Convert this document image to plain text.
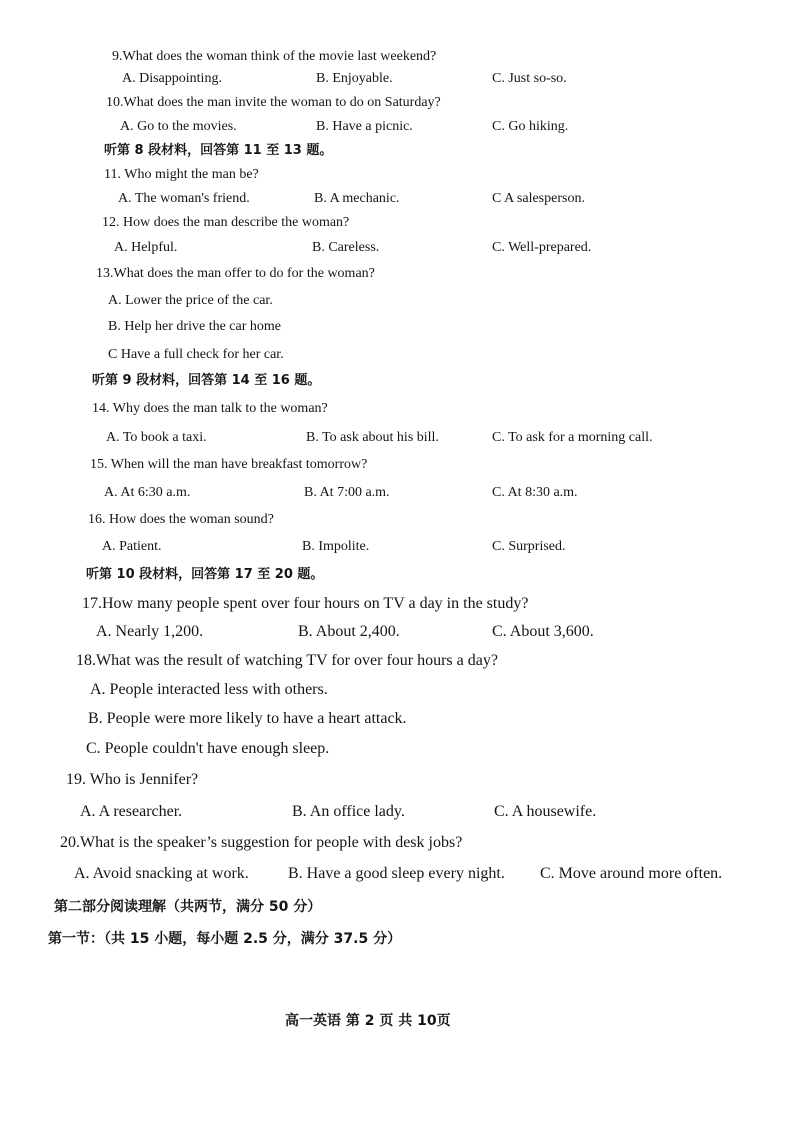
9.What does the woman think of the movie last weekend?
A. Disappointing.	B. Enjoyable.	C. Just so-so.
10.What does the man invite the woman to do on Saturday?
A. Go to the movies.	B. Have a picnic.	C. Go hiking.
听第 8 段材料，回答第 11 至 13 题。
11. Who might the man be?
A. The woman's friend.	B. A mechanic.	C A salesperson.
12. How does the man describe the woman?
A. Helpful.	B. Careless.	C. Well-prepared.
13.What does the man offer to do for the woman?
A. Lower the price of the car.
B. Help her drive the car home
C Have a full check for her car.
听第 9 段材料，回答第 14 至 16 题。
14. Why does the man talk to the woman?
A. To book a taxi.	B. To ask about his bill.	C. To ask for a morning call.
15. When will the man have breakfast tomorrow?
A. At 6:30 a.m.	B. At 7:00 a.m.	C. At 8:30 a.m.
16. How does the woman sound?
A. Patient.	B. Impolite.	C. Surprised.
听第 10 段材料，回答第 17 至 20 题。
17.How many people spent over four hours on TV a day in the study?
A. Nearly 1,200.	B. About 2,400.	C. About 3,600.
18.What was the result of watching TV for over four hours a day?
A. People interacted less with others.
B. People were more likely to have a heart attack.
C. People couldn't have enough sleep.
19. Who is Jennifer?
A. A researcher.	B. An office lady.	C. A housewife.
20.What is the speaker’s suggestion for people with desk jobs?
A. Avoid snacking at work. B. Have a good sleep every night. C. Move around more often.
第二部分阅读理解（共两节，满分 50 分）
第一节：（共 15 小题，每小题 2.5 分，满分 37.5 分）
高一英语 第 2 页 共 10页
